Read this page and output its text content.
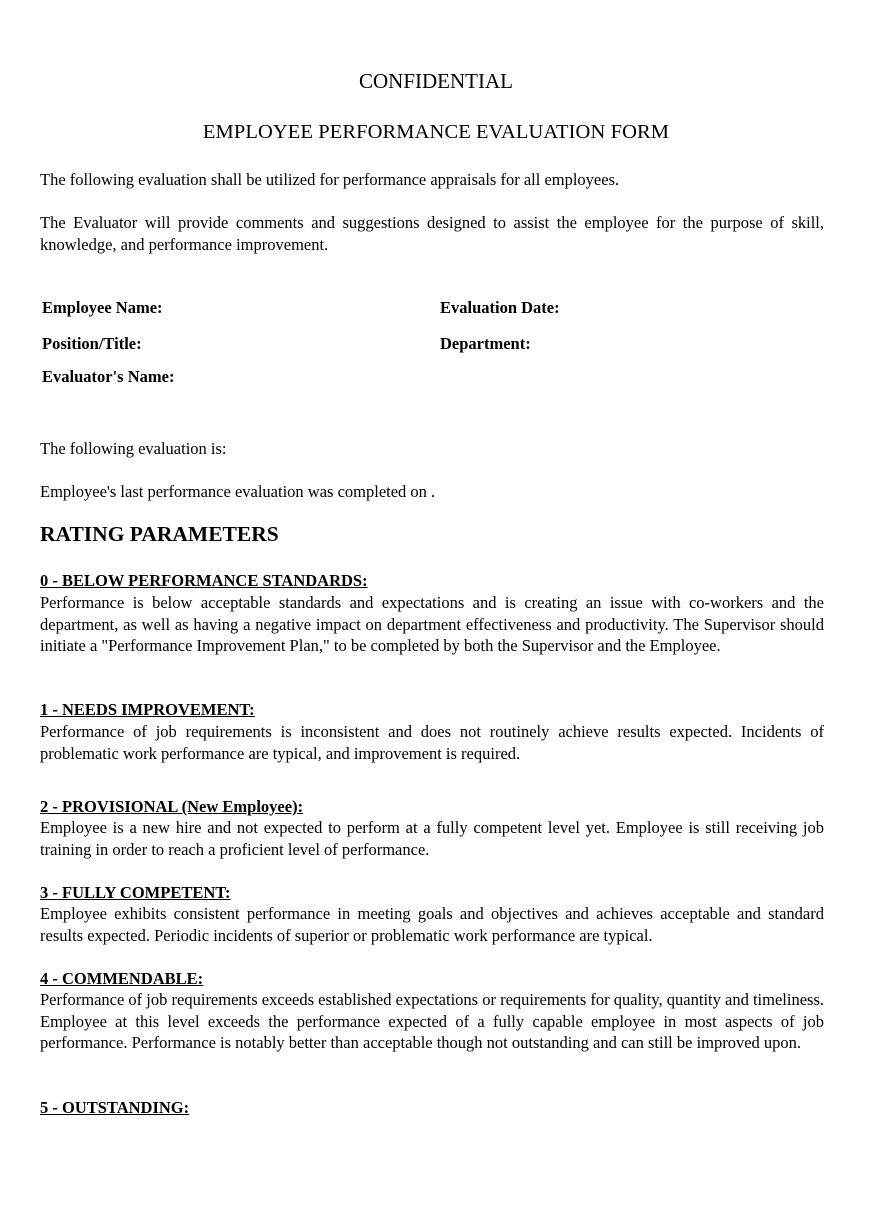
CONFIDENTIAL
EMPLOYEE PERFORMANCE EVALUATION FORM
The following evaluation shall be utilized for performance appraisals for all employees.
The Evaluator will provide comments and suggestions designed to assist the employee for the purpose of skill, knowledge, and performance improvement.
Employee Name:	Evaluation Date:
Position/Title:	Department:
Evaluator's Name:
The following evaluation is:
Employee's last performance evaluation was completed on .
RATING PARAMETERS
0 - BELOW PERFORMANCE STANDARDS:
Performance is below acceptable standards and expectations and is creating an issue with co-workers and the department, as well as having a negative impact on department effectiveness and productivity. The Supervisor should initiate a "Performance Improvement Plan," to be completed by both the Supervisor and the Employee.
1 - NEEDS IMPROVEMENT:
Performance of job requirements is inconsistent and does not routinely achieve results expected. Incidents of problematic work performance are typical, and improvement is required.
2 - PROVISIONAL (New Employee):
Employee is a new hire and not expected to perform at a fully competent level yet. Employee is still receiving job training in order to reach a proficient level of performance.
3 - FULLY COMPETENT:
Employee exhibits consistent performance in meeting goals and objectives and achieves acceptable and standard results expected. Periodic incidents of superior or problematic work performance are typical.
4 - COMMENDABLE:
Performance of job requirements exceeds established expectations or requirements for quality, quantity and timeliness. Employee at this level exceeds the performance expected of a fully capable employee in most aspects of job performance. Performance is notably better than acceptable though not outstanding and can still be improved upon.
5 - OUTSTANDING:
